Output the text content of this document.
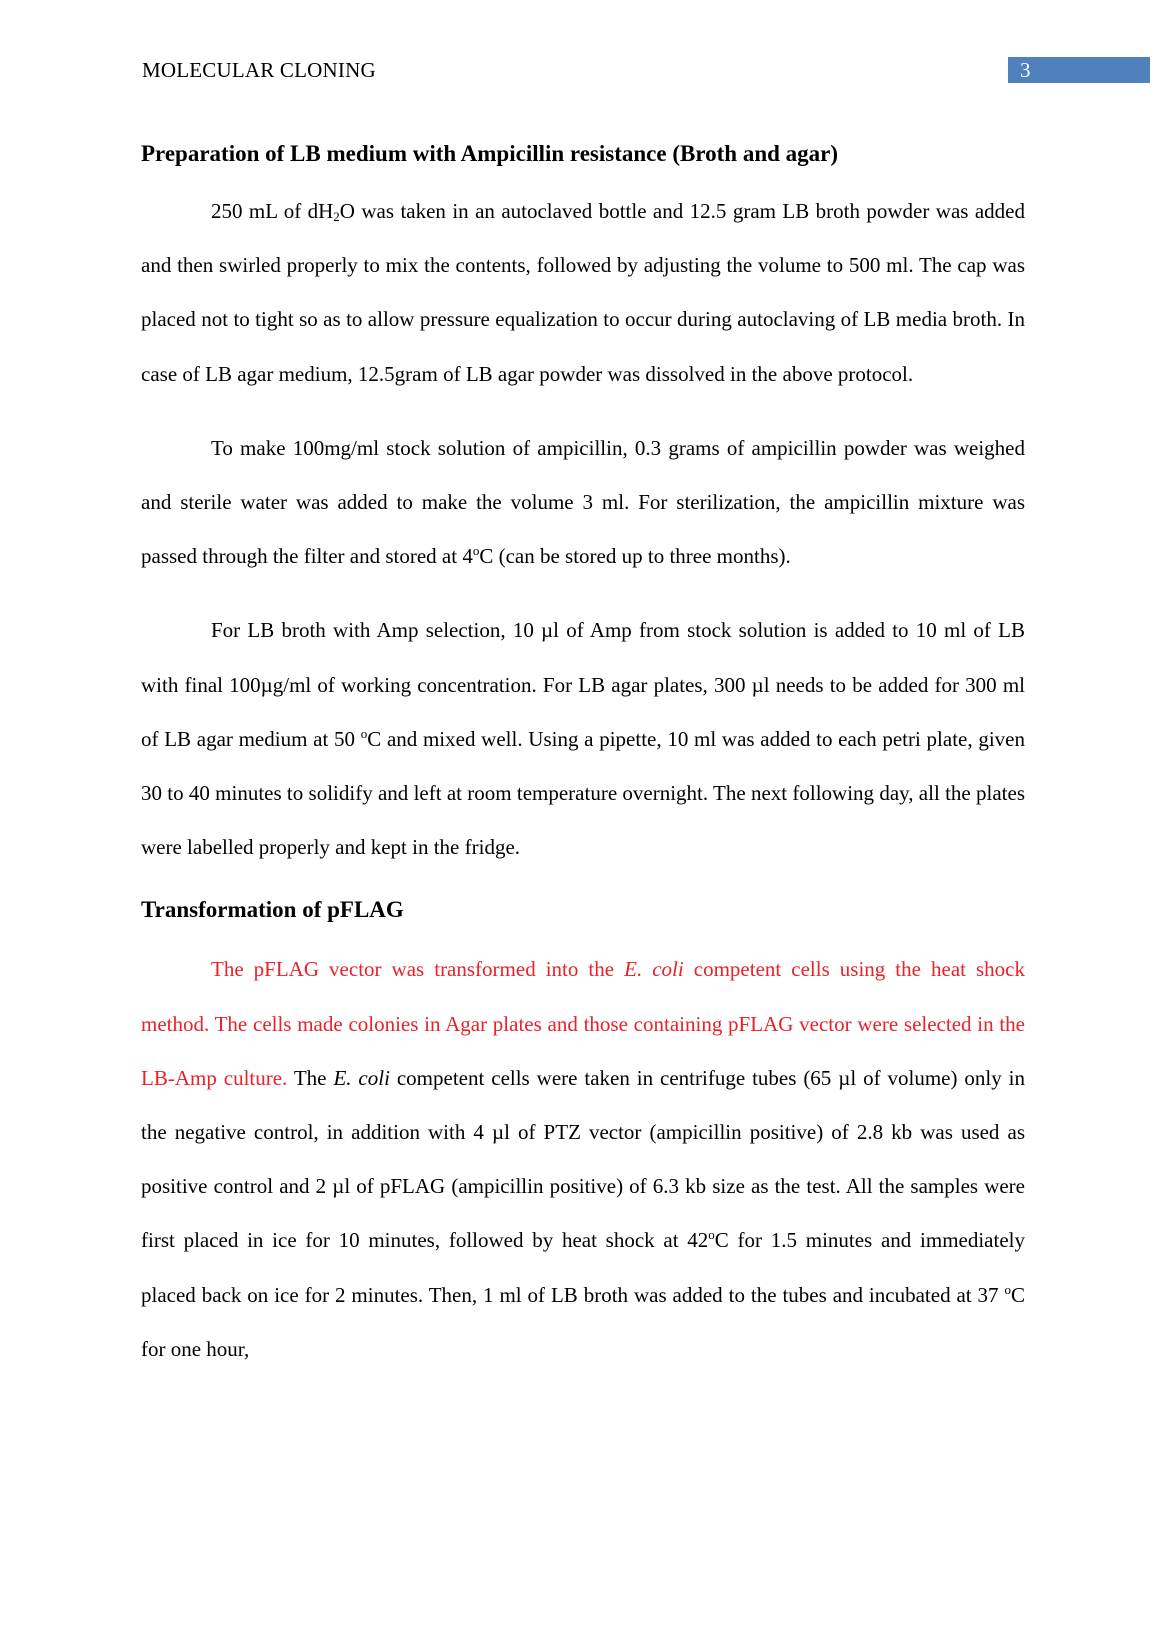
MOLECULAR CLONING	3
Preparation of LB medium with Ampicillin resistance (Broth and agar)

250 mL of $dH_2O$ was taken in an autoclaved bottle and 12.5 gram LB broth powder was added and then swirled properly to mix the contents, followed by adjusting the volume to 500 ml. The cap was placed not to tight so as to allow pressure equalization to occur during autoclaving of LB media broth. In case of LB agar medium, 12.5gram of LB agar powder was dissolved in the above protocol.

To make 100mg/ml stock solution of ampicillin, 0.3 grams of ampicillin powder was weighed and sterile water was added to make the volume 3 ml. For sterilization, the ampicillin mixture was passed through the filter and stored at 4$^o$C (can be stored up to three months).

For LB broth with Amp selection, 10 µl of Amp from stock solution is added to 10 ml of LB with final 100µg/ml of working concentration. For LB agar plates, 300 µl needs to be added for 300 ml of LB agar medium at 50 $^o$C and mixed well. Using a pipette, 10 ml was added to each petri plate, given 30 to 40 minutes to solidify and left at room temperature overnight. The next following day, all the plates were labelled properly and kept in the fridge.

Transformation of pFLAG

The pFLAG vector was transformed into the E. coli competent cells using the heat shock method. The cells made colonies in Agar plates and those containing pFLAG vector were selected in the LB-Amp culture. The E. coli competent cells were taken in centrifuge tubes (65 µl of volume) only in the negative control, in addition with 4 µl of PTZ vector (ampicillin positive) of 2.8 kb was used as positive control and 2 µl of pFLAG (ampicillin positive) of 6.3 kb size as the test. All the samples were first placed in ice for 10 minutes, followed by heat shock at 42$^o$C for 1.5 minutes and immediately placed back on ice for 2 minutes. Then, 1 ml of LB broth was added to the tubes and incubated at 37 $^o$C for one hour,
